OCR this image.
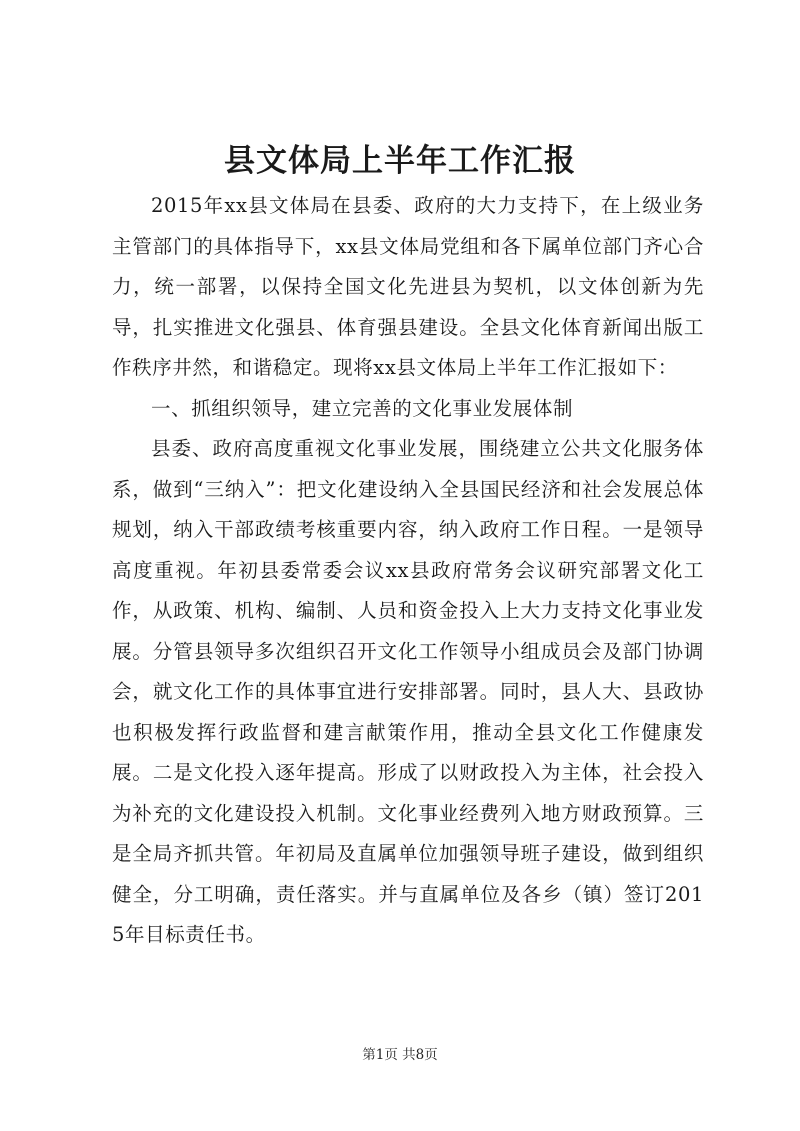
县文体局上半年工作汇报

2015年xx县文体局在县委、政府的大力支持下，在上级业务主管部门的具体指导下，xx县文体局党组和各下属单位部门齐心合力，统一部署，以保持全国文化先进县为契机，以文体创新为先导，扎实推进文化强县、体育强县建设。全县文化体育新闻出版工作秩序井然，和谐稳定。现将xx县文体局上半年工作汇报如下：

一、抓组织领导，建立完善的文化事业发展体制

县委、政府高度重视文化事业发展，围绕建立公共文化服务体系，做到“三纳入”：把文化建设纳入全县国民经济和社会发展总体规划，纳入干部政绩考核重要内容，纳入政府工作日程。一是领导高度重视。年初县委常委会议xx县政府常务会议研究部署文化工作，从政策、机构、编制、人员和资金投入上大力支持文化事业发展。分管县领导多次组织召开文化工作领导小组成员会及部门协调会，就文化工作的具体事宜进行安排部署。同时，县人大、县政协也积极发挥行政监督和建言献策作用，推动全县文化工作健康发展。二是文化投入逐年提高。形成了以财政投入为主体，社会投入为补充的文化建设投入机制。文化事业经费列入地方财政预算。三是全局齐抓共管。年初局及直属单位加强领导班子建设，做到组织健全，分工明确，责任落实。并与直属单位及各乡（镇）签订2015年目标责任书。

第1页 共8页
